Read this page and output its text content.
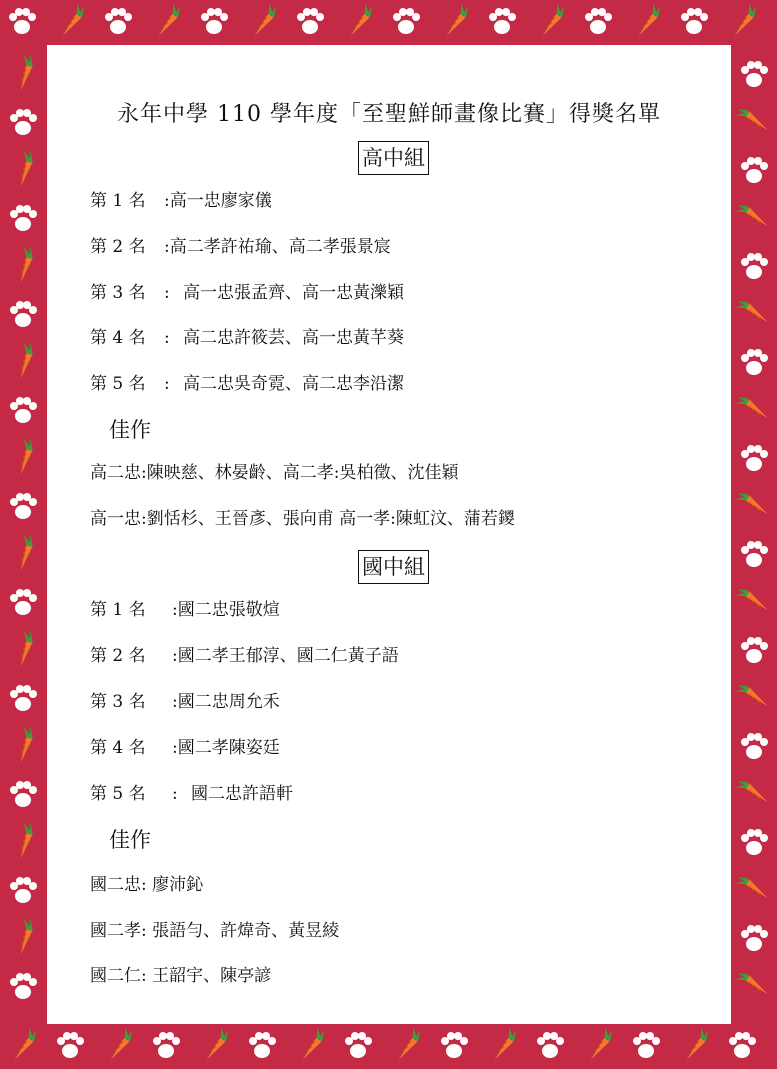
永年中學 110 學年度「至聖鮮師畫像比賽」得獎名單
高中組
第 1 名 :高一忠廖家儀
第 2 名 :高二孝許祐瑜、高二孝張景宸
第 3 名 :高一忠張孟齊、高一忠黃濼穎
第 4 名 :高二忠許筱芸、高一忠黃芊葵
第 5 名 :高二忠吳奇霓、高二忠李沿潔
佳作
高二忠:陳映慈、林晏齡、高二孝:吳柏徵、沈佳穎
高一忠:劉恬杉、王晉彥、張向甫 高一孝:陳虹汶、蒲若鑁
國中組
第 1 名 :國二忠張敬煊
第 2 名 :國二孝王郁淳、國二仁黃子語
第 3 名 :國二忠周允禾
第 4 名 :國二孝陳姿廷
第 5 名 :國二忠許語軒
佳作
國二忠: 廖沛鈊
國二孝: 張語勻、許煒奇、黃昱綾
國二仁: 王韶宇、陳亭諺
